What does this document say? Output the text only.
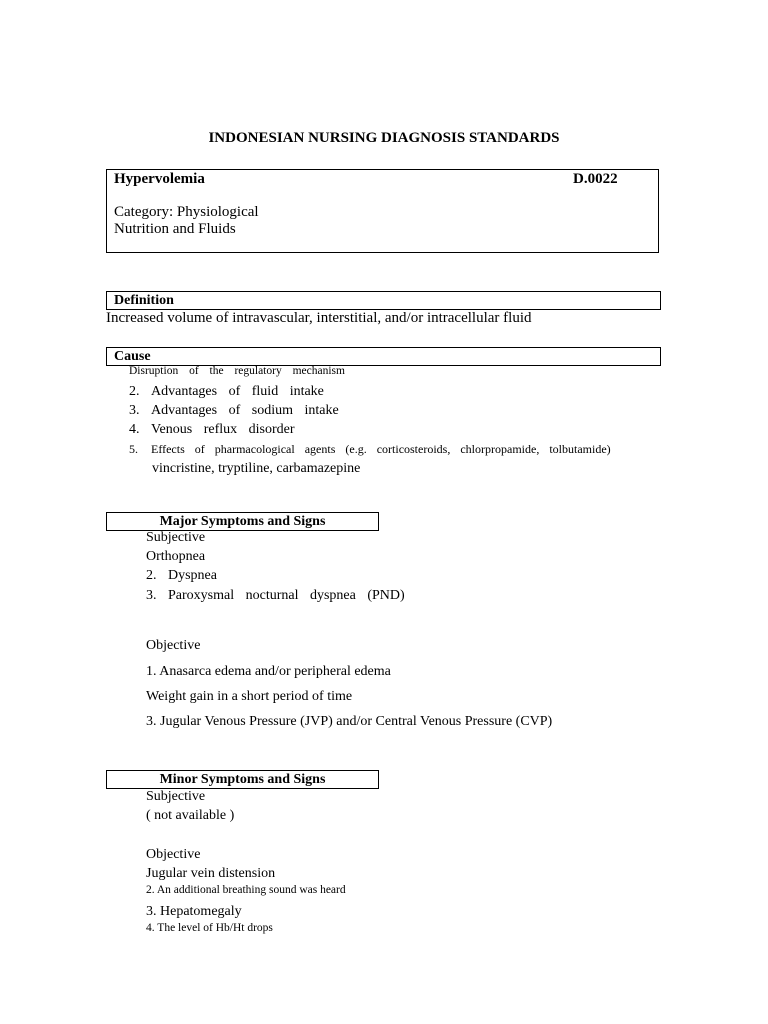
INDONESIAN NURSING DIAGNOSIS STANDARDS
Hypervolemia	D.0022
Category: Physiological
Nutrition and Fluids
Definition
Increased volume of intravascular, interstitial, and/or intracellular fluid
Cause
Disruption of the regulatory mechanism
2. Advantages of fluid intake
3. Advantages of sodium intake
4. Venous reflux disorder
5. Effects of pharmacological agents (e.g. corticosteroids, chlorpropamide, tolbutamide)
vincristine, tryptiline, carbamazepine
Major Symptoms and Signs
Subjective
Orthopnea
2. Dyspnea
3. Paroxysmal nocturnal dyspnea (PND)
Objective
1. Anasarca edema and/or peripheral edema
Weight gain in a short period of time
3. Jugular Venous Pressure (JVP) and/or Central Venous Pressure (CVP)
Minor Symptoms and Signs
Subjective
( not available )
Objective
Jugular vein distension
2. An additional breathing sound was heard
3. Hepatomegaly
4. The level of Hb/Ht drops
